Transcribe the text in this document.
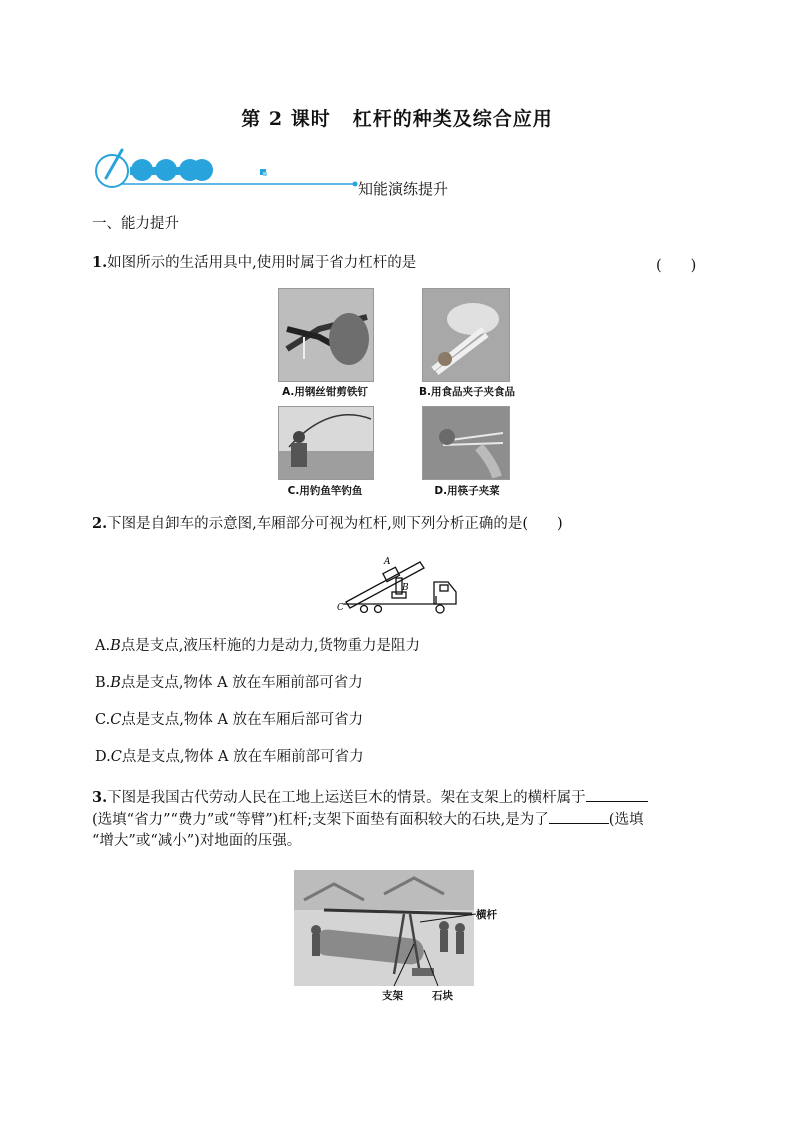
第 2 课时 杠杆的种类及综合应用
知能演练提升
一、能力提升
1.如图所示的生活用具中,使用时属于省力杠杆的是	(　　)
A.用钢丝钳剪铁钉	B.用食品夹子夹食品
C.用钓鱼竿钓鱼	D.用筷子夹菜
2.下图是自卸车的示意图,车厢部分可视为杠杆,则下列分析正确的是(　　)
A
B
C
A.B点是支点,液压杆施的力是动力,货物重力是阻力
B.B点是支点,物体 A 放在车厢前部可省力
C.C点是支点,物体 A 放在车厢后部可省力
D.C点是支点,物体 A 放在车厢前部可省力
3.下图是我国古代劳动人民在工地上运送巨木的情景。架在支架上的横杆属于
(选填“省力”“费力”或“等臂”)杠杆;支架下面垫有面积较大的石块,是为了	(选填
“增大”或“减小”)对地面的压强。
横杆
支架	石块
